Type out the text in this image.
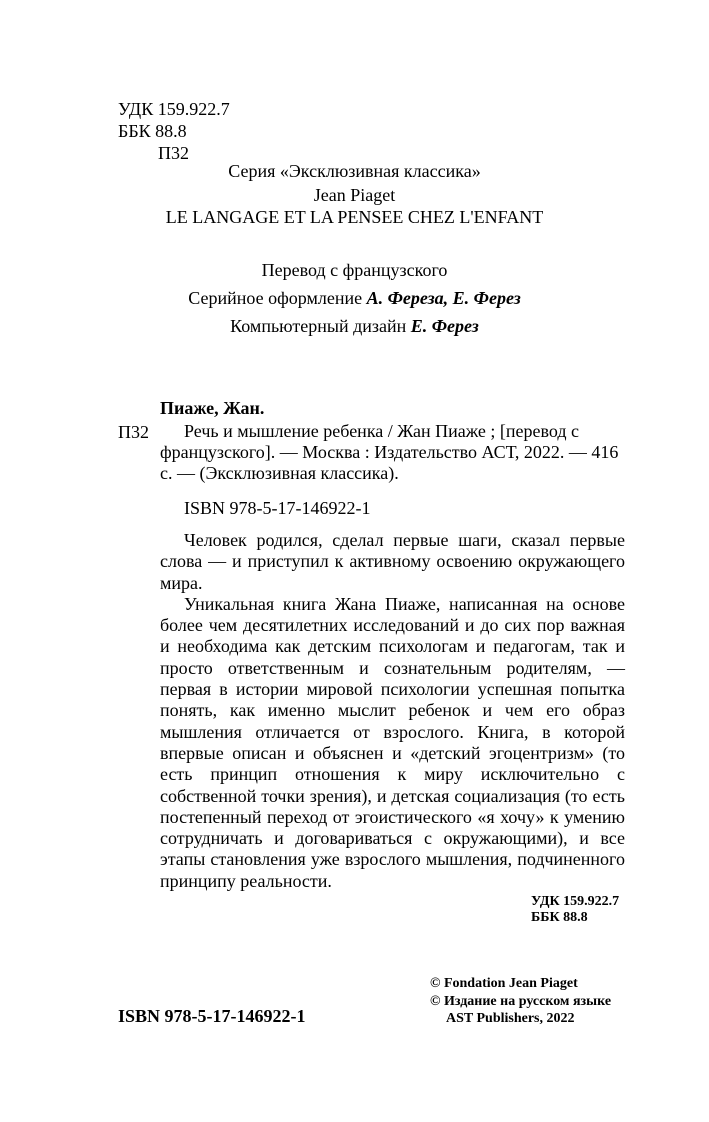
УДК 159.922.7
ББК 88.8
П32
Серия «Эксклюзивная классика»
Jean Piaget
LE LANGAGE ET LA PENSEE CHEZ L'ENFANT
Перевод с французского
Серийное оформление А. Фереза, Е. Ферез
Компьютерный дизайн Е. Ферез
Пиаже, Жан.
П32	Речь и мышление ребенка / Жан Пиаже ; [перевод с французского]. — Москва : Издательство АСТ, 2022. — 416 с. — (Эксклюзивная классика).

ISBN 978-5-17-146922-1

Человек родился, сделал первые шаги, сказал первые слова — и приступил к активному освоению окружающего мира.

Уникальная книга Жана Пиаже, написанная на основе более чем десятилетних исследований и до сих пор важная и необходима как детским психологам и педагогам, так и просто ответственным и сознательным родителям, — первая в истории мировой психологии успешная попытка понять, как именно мыслит ребенок и чем его образ мышления отличается от взрослого. Книга, в которой впервые описан и объяснен и «детский эгоцентризм» (то есть принцип отношения к миру исключительно с собственной точки зрения), и детская социализация (то есть постепенный переход от эгоистического «я хочу» к умению сотрудничать и договариваться с окружающими), и все этапы становления уже взрослого мышления, подчиненного принципу реальности.

УДК 159.922.7
ББК 88.8
ISBN 978-5-17-146922-1
© Fondation Jean Piaget
© Издание на русском языке
AST Publishers, 2022
